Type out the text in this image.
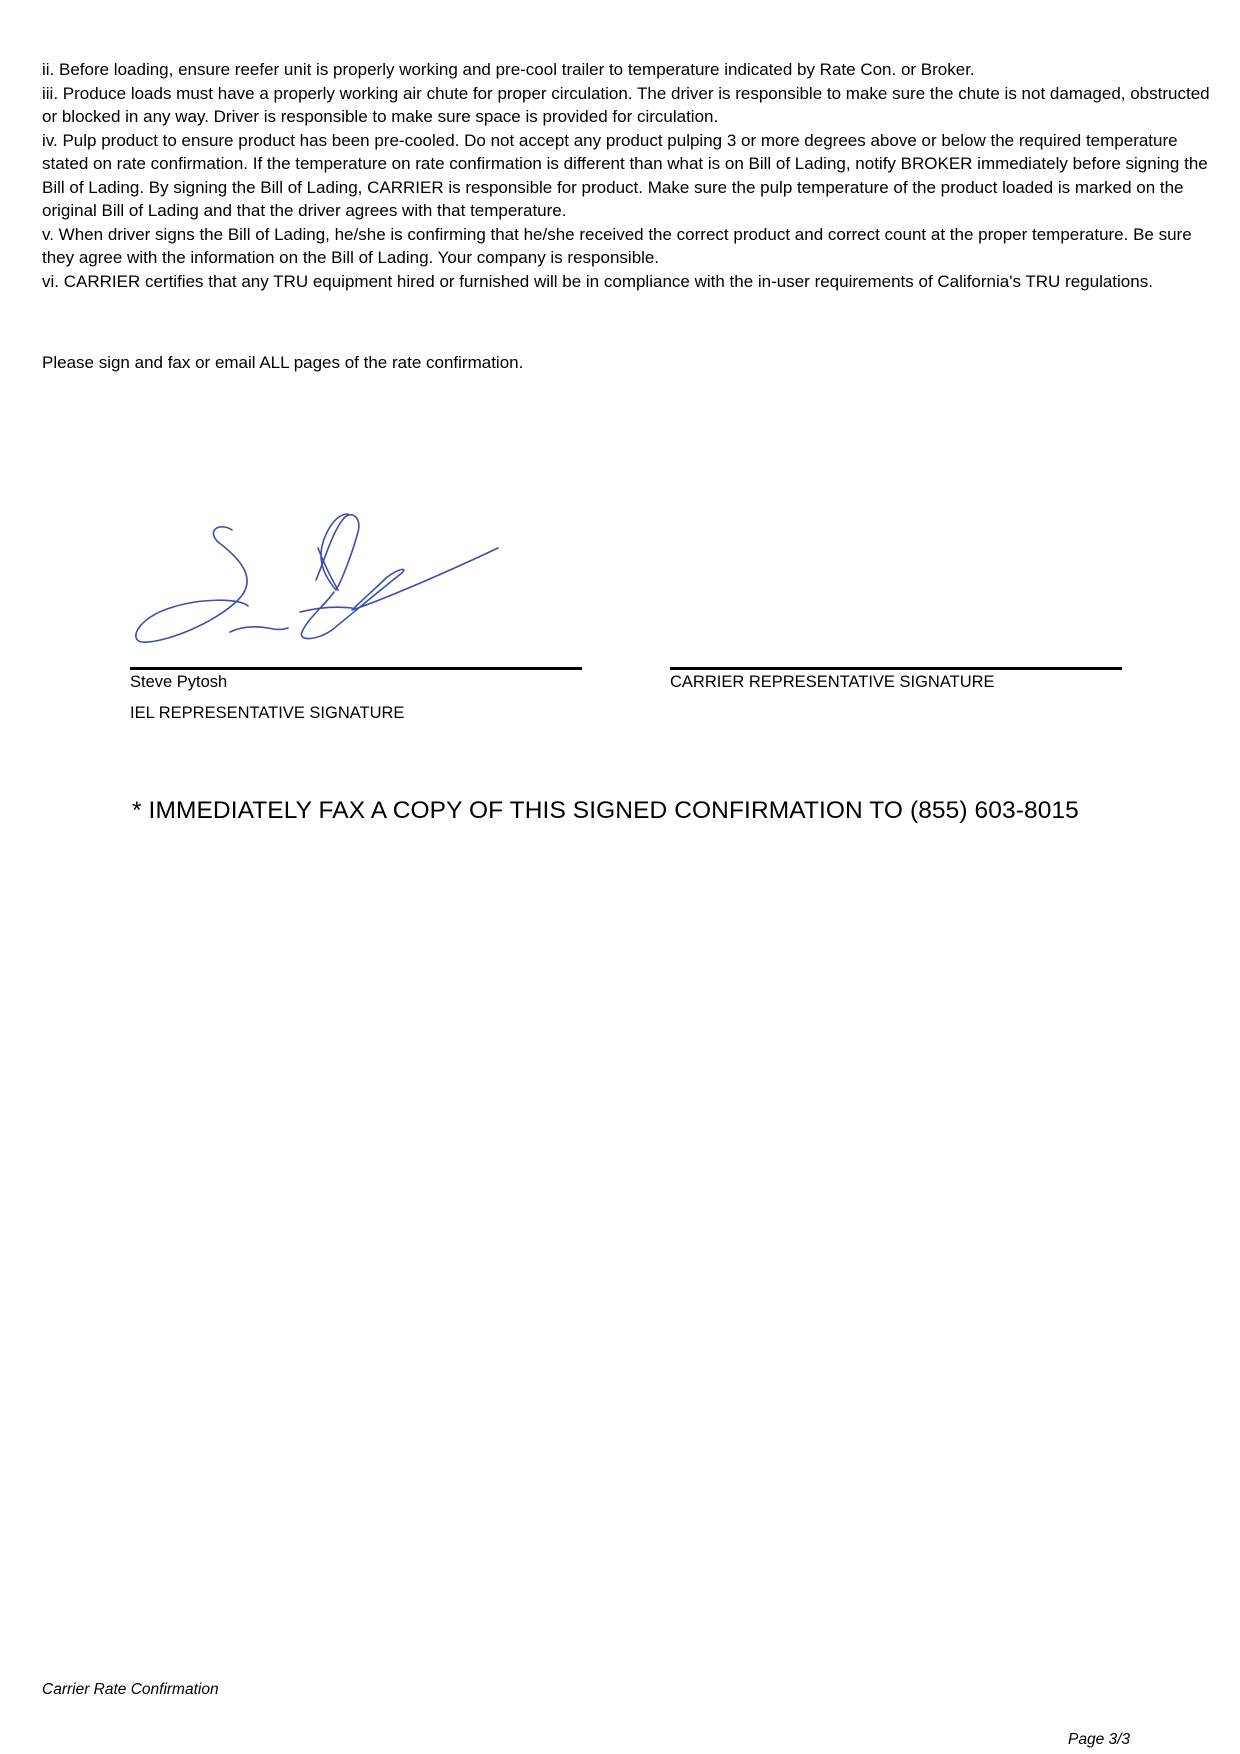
ii. Before loading, ensure reefer unit is properly working and pre-cool trailer to temperature indicated by Rate Con. or Broker.

iii. Produce loads must have a properly working air chute for proper circulation. The driver is responsible to make sure the chute is not damaged, obstructed or blocked in any way. Driver is responsible to make sure space is provided for circulation.

iv. Pulp product to ensure product has been pre-cooled. Do not accept any product pulping 3 or more degrees above or below the required temperature stated on rate confirmation. If the temperature on rate confirmation is different than what is on Bill of Lading, notify BROKER immediately before signing the Bill of Lading. By signing the Bill of Lading, CARRIER is responsible for product. Make sure the pulp temperature of the product loaded is marked on the original Bill of Lading and that the driver agrees with that temperature.

v. When driver signs the Bill of Lading, he/she is confirming that he/she received the correct product and correct count at the proper temperature. Be sure they agree with the information on the Bill of Lading. Your company is responsible.

vi. CARRIER certifies that any TRU equipment hired or furnished will be in compliance with the in-user requirements of California's TRU regulations.

Please sign and fax or email ALL pages of the rate confirmation.

Steve Pytosh

IEL REPRESENTATIVE SIGNATURE

CARRIER REPRESENTATIVE SIGNATURE

* IMMEDIATELY FAX A COPY OF THIS SIGNED CONFIRMATION TO (855) 603-8015

Carrier Rate Confirmation

Page 3/3
